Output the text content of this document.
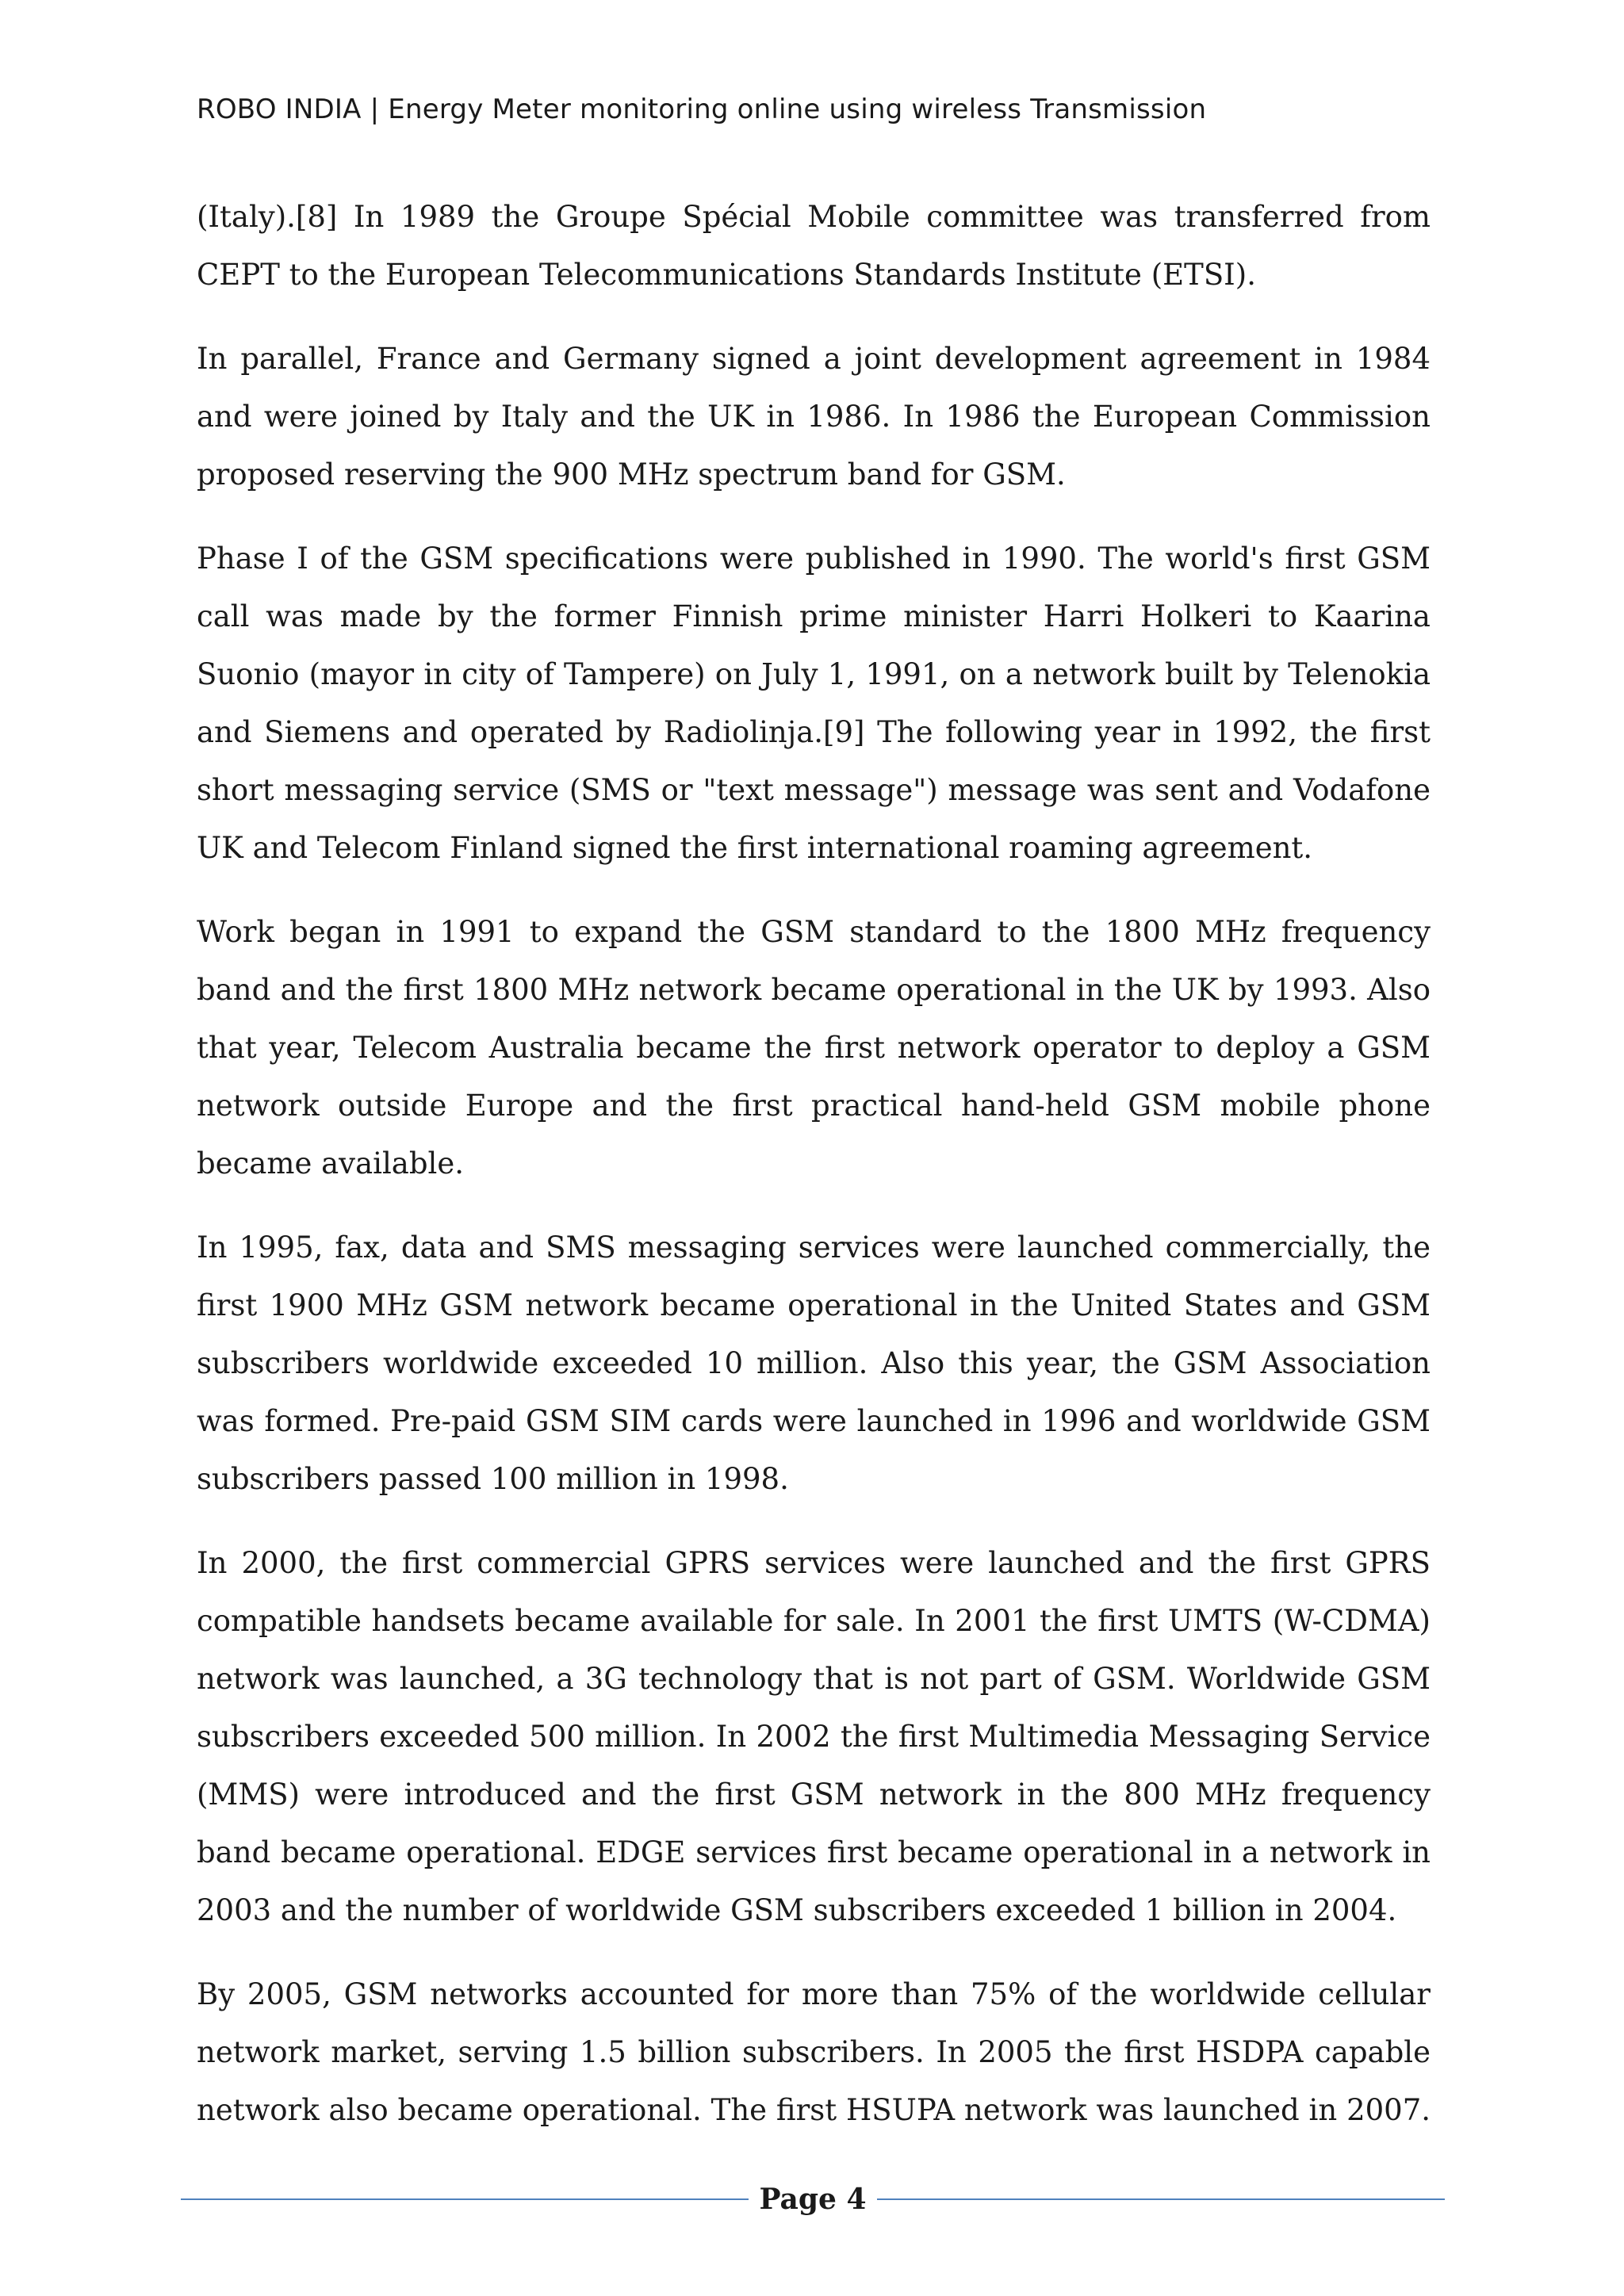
ROBO INDIA | Energy Meter monitoring online using wireless Transmission

(Italy).[8] In 1989 the Groupe Spécial Mobile committee was transferred from CEPT to the European Telecommunications Standards Institute (ETSI).

In parallel, France and Germany signed a joint development agreement in 1984 and were joined by Italy and the UK in 1986. In 1986 the European Commission proposed reserving the 900 MHz spectrum band for GSM.

Phase I of the GSM specifications were published in 1990. The world's first GSM call was made by the former Finnish prime minister Harri Holkeri to Kaarina Suonio (mayor in city of Tampere) on July 1, 1991, on a network built by Telenokia and Siemens and operated by Radiolinja.[9] The following year in 1992, the first short messaging service (SMS or "text message") message was sent and Vodafone UK and Telecom Finland signed the first international roaming agreement.

Work began in 1991 to expand the GSM standard to the 1800 MHz frequency band and the first 1800 MHz network became operational in the UK by 1993. Also that year, Telecom Australia became the first network operator to deploy a GSM network outside Europe and the first practical hand-held GSM mobile phone became available.

In 1995, fax, data and SMS messaging services were launched commercially, the first 1900 MHz GSM network became operational in the United States and GSM subscribers worldwide exceeded 10 million. Also this year, the GSM Association was formed. Pre-paid GSM SIM cards were launched in 1996 and worldwide GSM subscribers passed 100 million in 1998.

In 2000, the first commercial GPRS services were launched and the first GPRS compatible handsets became available for sale. In 2001 the first UMTS (W-CDMA) network was launched, a 3G technology that is not part of GSM. Worldwide GSM subscribers exceeded 500 million. In 2002 the first Multimedia Messaging Service (MMS) were introduced and the first GSM network in the 800 MHz frequency band became operational. EDGE services first became operational in a network in 2003 and the number of worldwide GSM subscribers exceeded 1 billion in 2004.

By 2005, GSM networks accounted for more than 75% of the worldwide cellular network market, serving 1.5 billion subscribers. In 2005 the first HSDPA capable network also became operational. The first HSUPA network was launched in 2007.

Page 4
